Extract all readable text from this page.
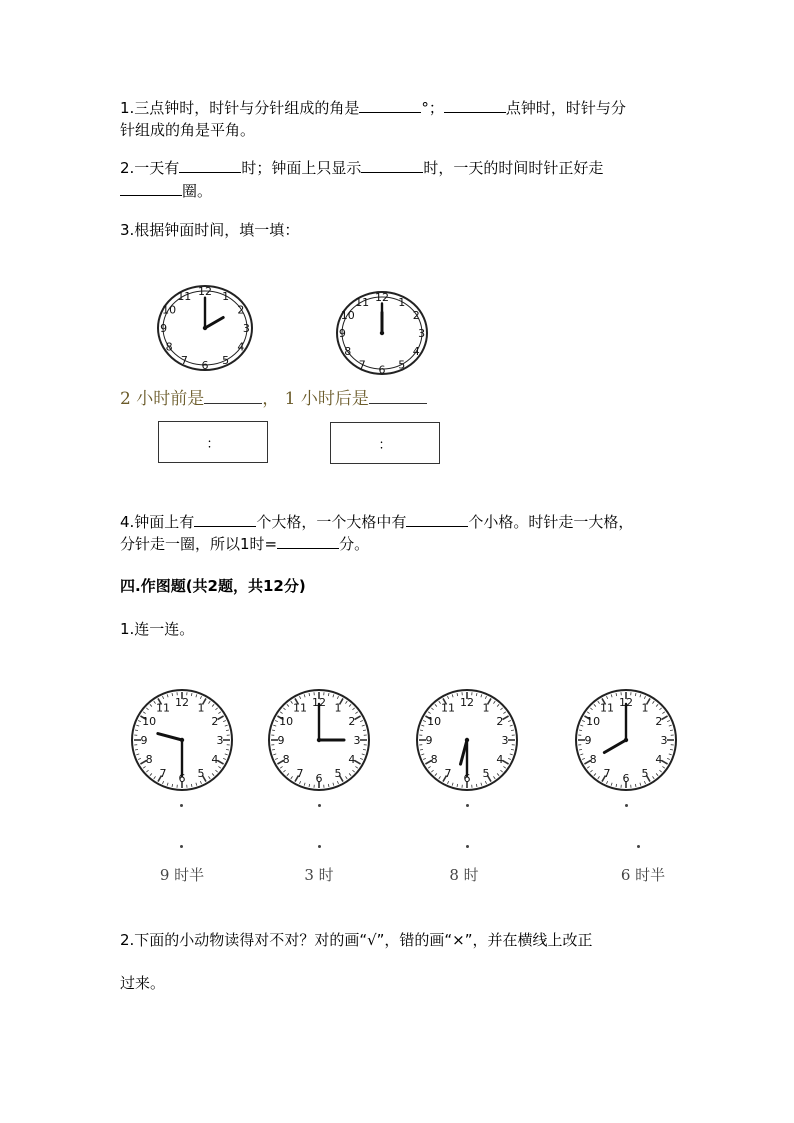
1.三点钟时，时针与分针组成的角是	°；	点钟时，时针与分

针组成的角是平角。

2.一天有	时；钟面上只显示	时，一天的时间时针正好走

圈。

3.根据钟面时间，填一填：

12 1
2
3
4
5
6
7
8
9
10
11	12 1
2
3
4
5
6
7
8
9
10
11
2 小时前是	， 1 小时后是
：	：

4.钟面上有	个大格，一个大格中有	个小格。时针走一大格，

分针走一圈，所以1时=	分。

四.作图题(共2题，共12分)

1.连一连。

12 1
2
3
4
5
6
7
8
9
10
11	12 1
2
3
4
5
6
7
8
9
10
11	12 1
2
3
4
5
6
7
8
9
10
11	12 1
2
3
4
5
6
7
8
9
10
11
9 时半	3 时	8 时	6 时半

2.下面的小动物读得对不对？对的画“√”，错的画“×”，并在横线上改正

过来。
